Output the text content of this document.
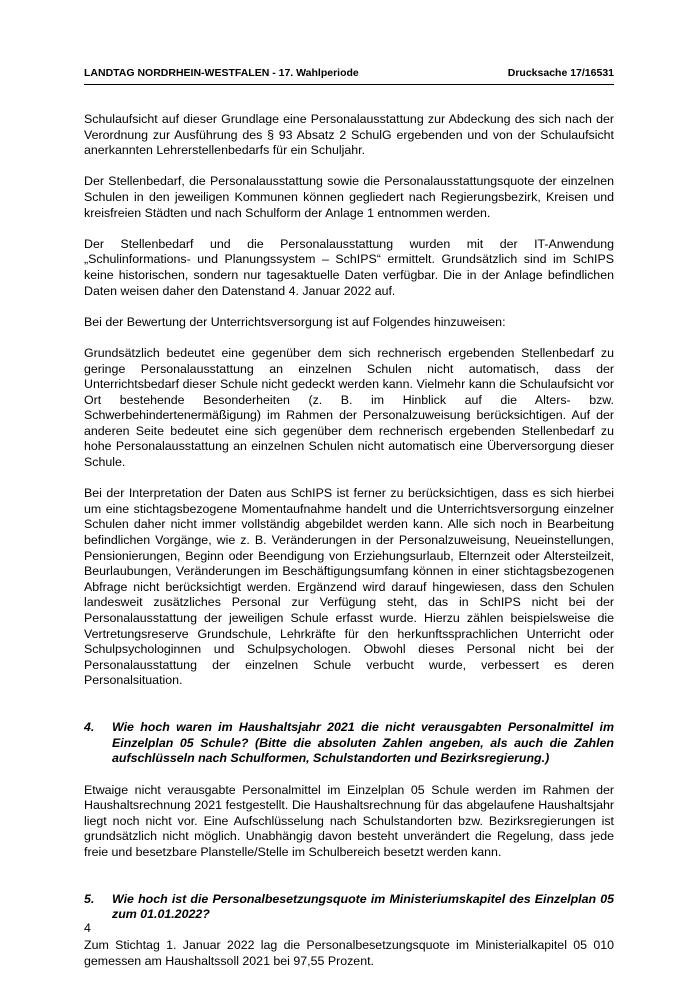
LANDTAG NORDRHEIN-WESTFALEN - 17. Wahlperiode	Drucksache 17/16531

Schulaufsicht auf dieser Grundlage eine Personalausstattung zur Abdeckung des sich nach der Verordnung zur Ausführung des § 93 Absatz 2 SchulG ergebenden und von der Schulaufsicht anerkannten Lehrerstellenbedarfs für ein Schuljahr.

Der Stellenbedarf, die Personalausstattung sowie die Personalausstattungsquote der einzelnen Schulen in den jeweiligen Kommunen können gegliedert nach Regierungsbezirk, Kreisen und kreisfreien Städten und nach Schulform der Anlage 1 entnommen werden.

Der Stellenbedarf und die Personalausstattung wurden mit der IT-Anwendung „Schulinformations- und Planungssystem – SchIPS“ ermittelt. Grundsätzlich sind im SchIPS keine historischen, sondern nur tagesaktuelle Daten verfügbar. Die in der Anlage befindlichen Daten weisen daher den Datenstand 4. Januar 2022 auf.

Bei der Bewertung der Unterrichtsversorgung ist auf Folgendes hinzuweisen:

Grundsätzlich bedeutet eine gegenüber dem sich rechnerisch ergebenden Stellenbedarf zu geringe Personalausstattung an einzelnen Schulen nicht automatisch, dass der Unterrichtsbedarf dieser Schule nicht gedeckt werden kann. Vielmehr kann die Schulaufsicht vor Ort bestehende Besonderheiten (z. B. im Hinblick auf die Alters- bzw. Schwerbehindertenermäßigung) im Rahmen der Personalzuweisung berücksichtigen. Auf der anderen Seite bedeutet eine sich gegenüber dem rechnerisch ergebenden Stellenbedarf zu hohe Personalausstattung an einzelnen Schulen nicht automatisch eine Überversorgung dieser Schule.

Bei der Interpretation der Daten aus SchIPS ist ferner zu berücksichtigen, dass es sich hierbei um eine stichtagsbezogene Momentaufnahme handelt und die Unterrichtsversorgung einzelner Schulen daher nicht immer vollständig abgebildet werden kann. Alle sich noch in Bearbeitung befindlichen Vorgänge, wie z. B. Veränderungen in der Personalzuweisung, Neueinstellungen, Pensionierungen, Beginn oder Beendigung von Erziehungsurlaub, Elternzeit oder Altersteilzeit, Beurlaubungen, Veränderungen im Beschäftigungsumfang können in einer stichtagsbezogenen Abfrage nicht berücksichtigt werden. Ergänzend wird darauf hingewiesen, dass den Schulen landesweit zusätzliches Personal zur Verfügung steht, das in SchIPS nicht bei der Personalausstattung der jeweiligen Schule erfasst wurde. Hierzu zählen beispielsweise die Vertretungsreserve Grundschule, Lehrkräfte für den herkunftssprachlichen Unterricht oder Schulpsychologinnen und Schulpsychologen. Obwohl dieses Personal nicht bei der Personalausstattung der einzelnen Schule verbucht wurde, verbessert es deren Personalsituation.

4.	Wie hoch waren im Haushaltsjahr 2021 die nicht verausgabten Personalmittel im Einzelplan 05 Schule? (Bitte die absoluten Zahlen angeben, als auch die Zahlen aufschlüsseln nach Schulformen, Schulstandorten und Bezirksregierung.)

Etwaige nicht verausgabte Personalmittel im Einzelplan 05 Schule werden im Rahmen der Haushaltsrechnung 2021 festgestellt. Die Haushaltsrechnung für das abgelaufene Haushaltsjahr liegt noch nicht vor. Eine Aufschlüsselung nach Schulstandorten bzw. Bezirksregierungen ist grundsätzlich nicht möglich. Unabhängig davon besteht unverändert die Regelung, dass jede freie und besetzbare Planstelle/Stelle im Schulbereich besetzt werden kann.

5.	Wie hoch ist die Personalbesetzungsquote im Ministeriumskapitel des Einzelplan 05 zum 01.01.2022?

Zum Stichtag 1. Januar 2022 lag die Personalbesetzungsquote im Ministerialkapitel 05 010 gemessen am Haushaltssoll 2021 bei 97,55 Prozent.

4
